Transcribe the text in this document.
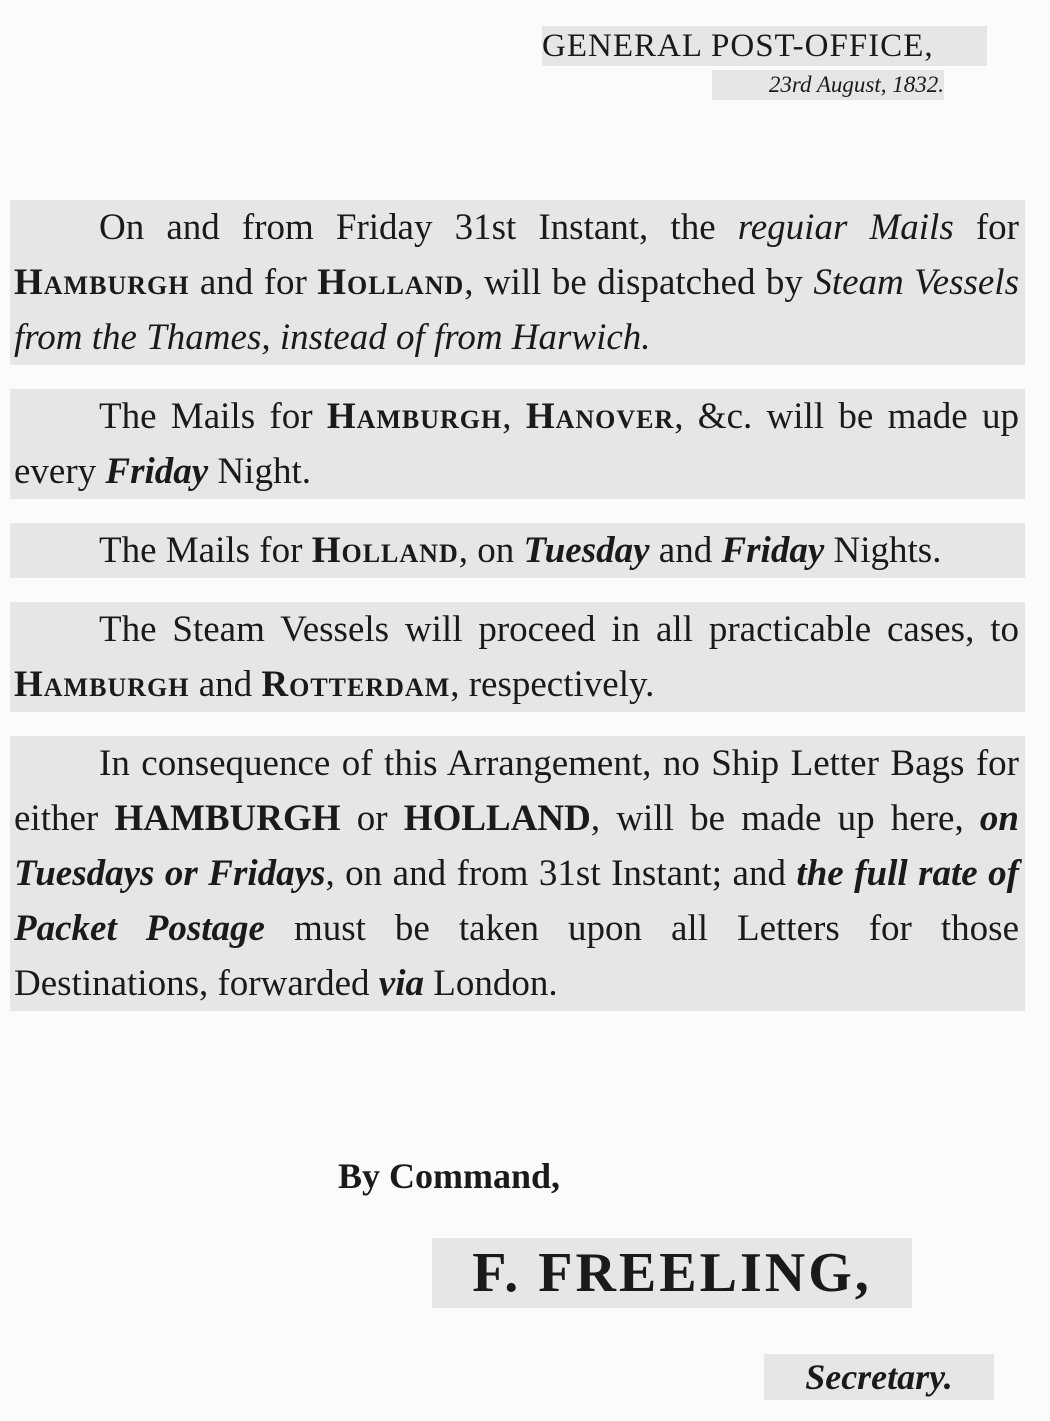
GENERAL POST-OFFICE,
23rd August, 1832.

On and from Friday 31st Instant, the reguiar Mails for Hamburgh and for Holland, will be dispatched by Steam Vessels from the Thames, instead of from Harwich.

The Mails for Hamburgh, Hanover, &c. will be made up every Friday Night.

The Mails for Holland, on Tuesday and Friday Nights.

The Steam Vessels will proceed in all practicable cases, to Hamburgh and Rotterdam, respectively.

In consequence of this Arrangement, no Ship Letter Bags for either HAMBURGH or HOLLAND, will be made up here, on Tuesdays or Fridays, on and from 31st Instant; and the full rate of Packet Postage must be taken upon all Letters for those Destinations, forwarded via London.

By Command,
F. FREELING,
Secretary.
